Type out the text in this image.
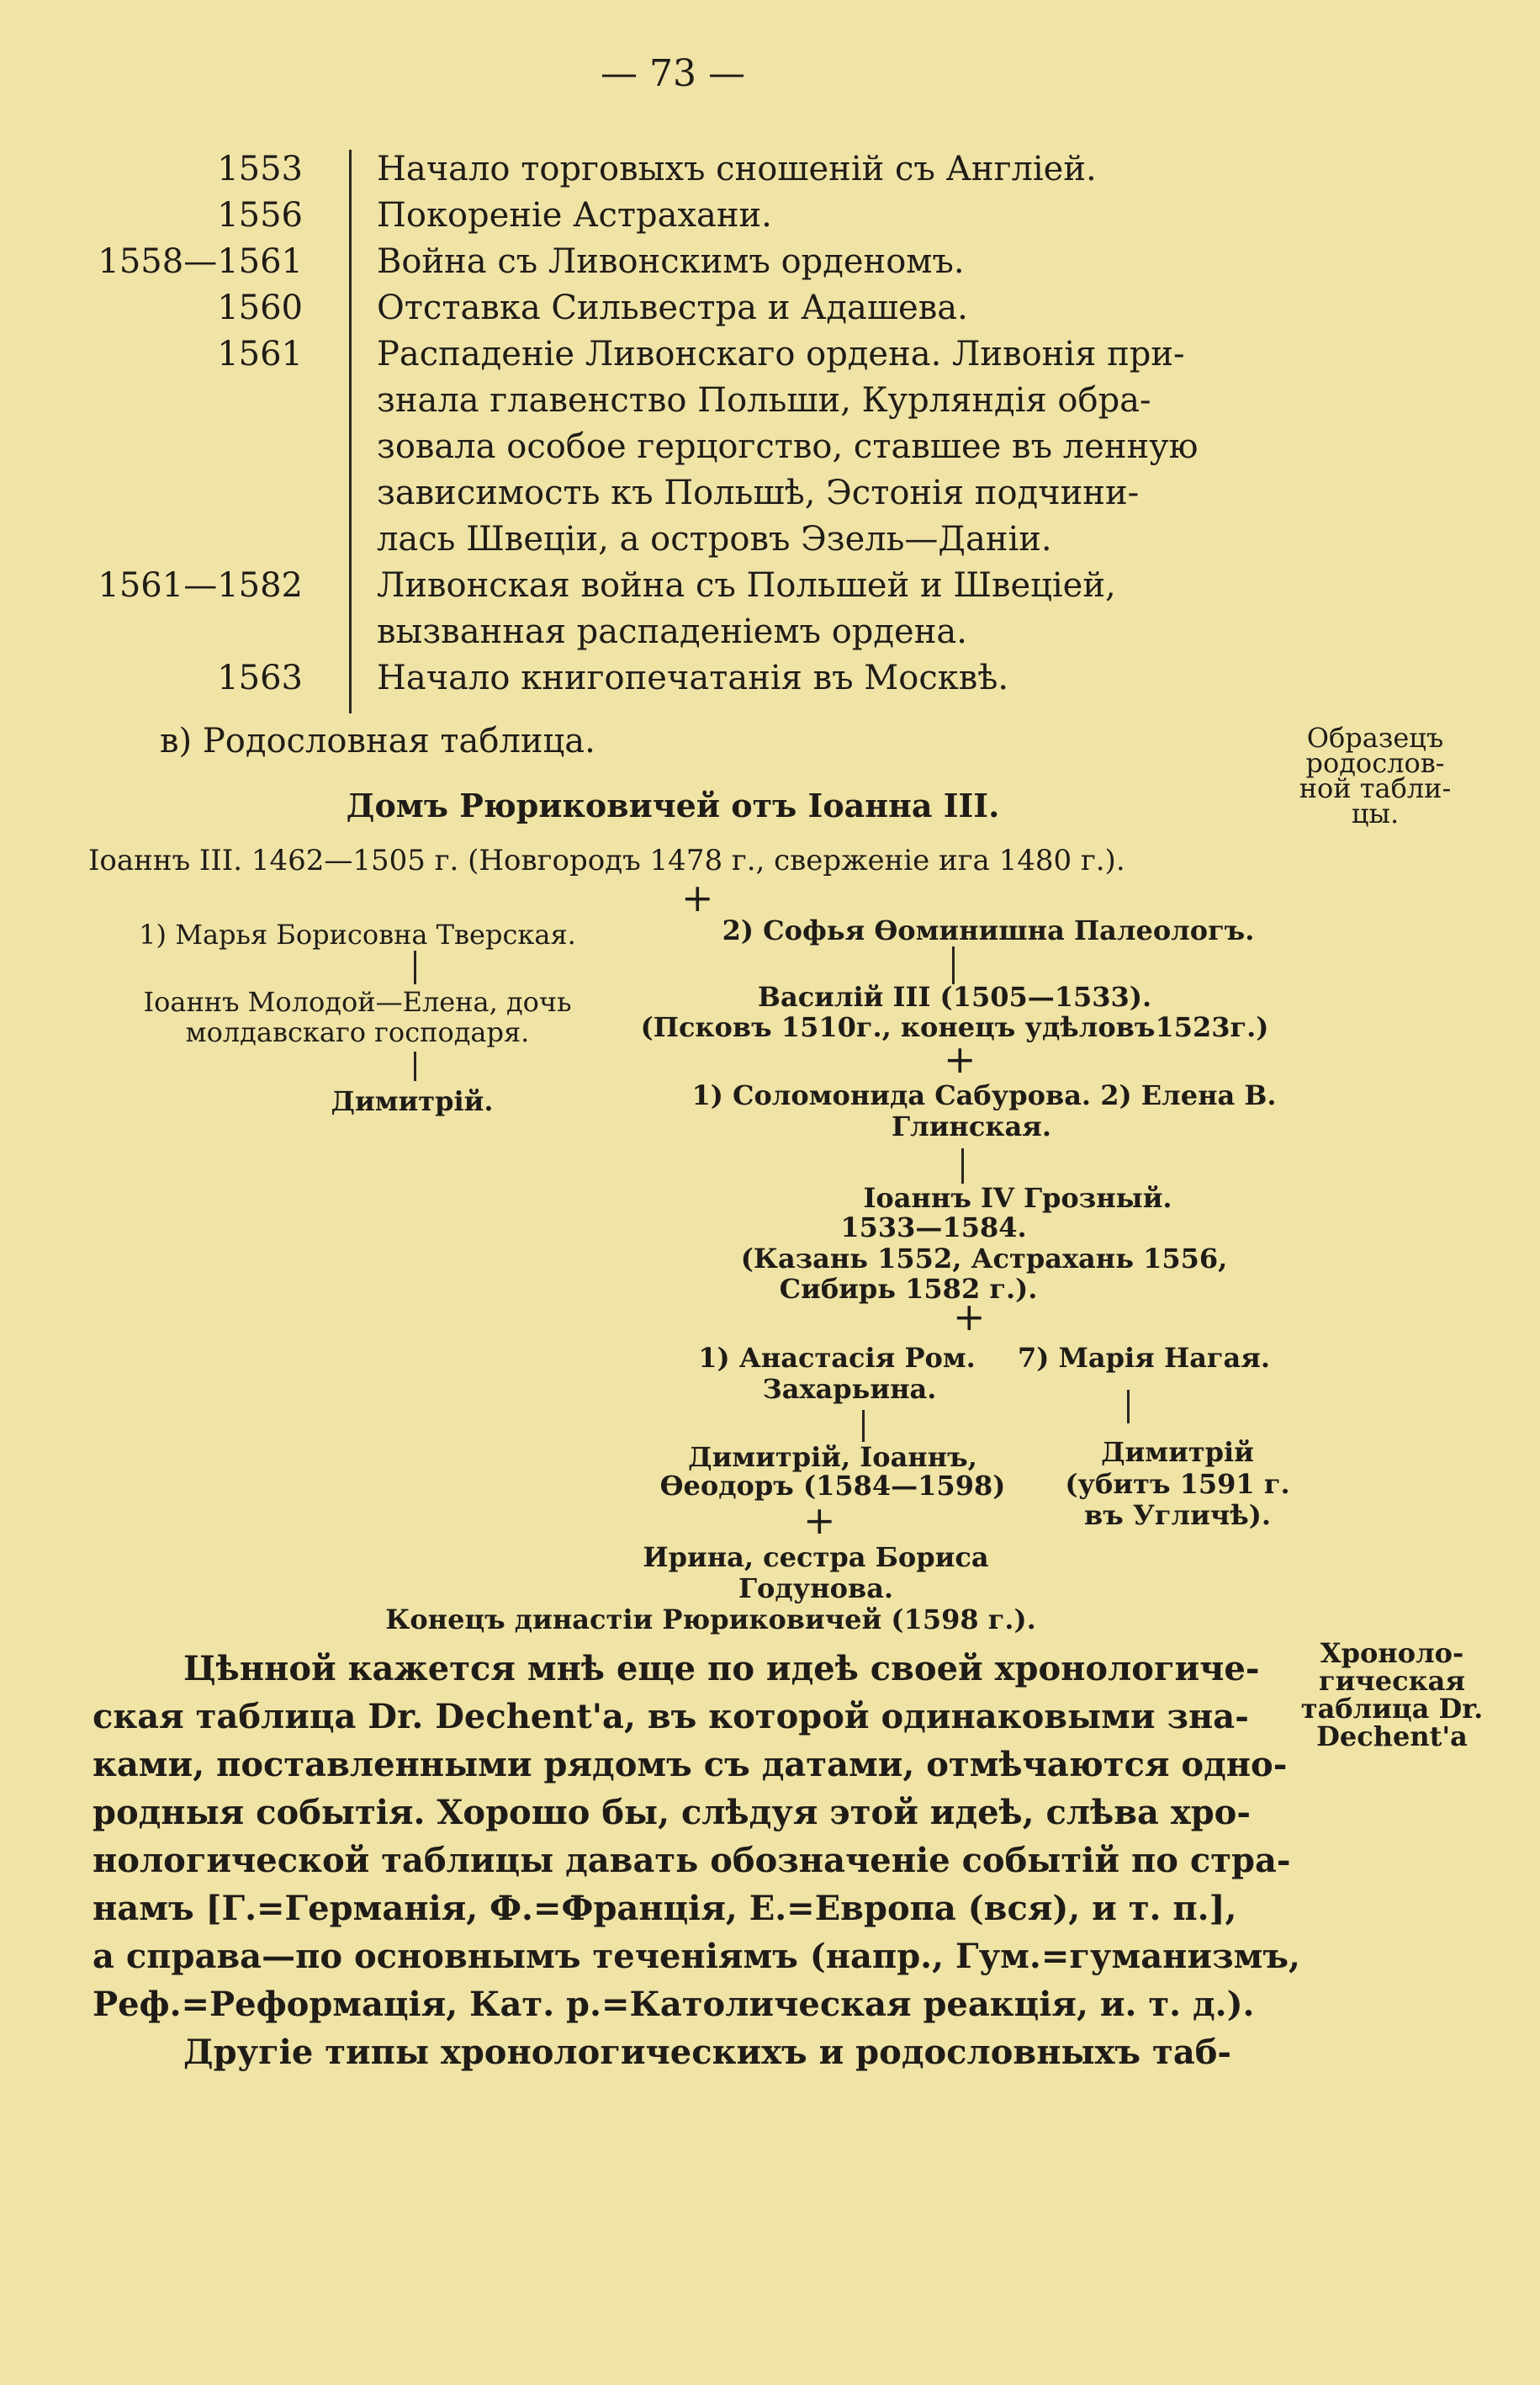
— 73 —
1553 Начало торговыхъ сношеній съ Англіей.
1556 Покореніе Астрахани.
1558—1561 Война съ Ливонскимъ орденомъ.
1560 Отставка Сильвестра и Адашева.
1561 Распаденіе Ливонскаго ордена. Ливонія при-
знала главенство Польши, Курляндія обра-
зовала особое герцогство, ставшее въ ленную
зависимость къ Польшѣ, Эстонія подчини-
лась Швеціи, а островъ Эзель—Даніи.
1561—1582 Ливонская война съ Польшей и Швеціей,
вызванная распаденіемъ ордена.
1563 Начало книгопечатанія въ Москвѣ.
в) Родословная таблица.	Образецъ
родослов-
ной табли-
цы.
Домъ Рюриковичей отъ Іоанна III.
Іоаннъ III. 1462—1505 г. (Новгородъ 1478 г., сверженіе ига 1480 г.).
+
1) Марья Борисовна Тверская.	2) Софья Ѳоминишна Палеологъ.
Іоаннъ Молодой—Елена, дочь
молдавскаго господаря.
Василій III (1505—1533).
(Псковъ 1510г., конецъ удѣловъ1523г.)
+
Димитрій.	1) Соломонида Сабурова. 2) Елена В.
Глинская.
Іоаннъ IV Грозный.
1533—1584.
(Казань 1552, Астрахань 1556,
Сибирь 1582 г.).
+
1) Анастасія Ром.
Захарьина.
7) Марія Нагая.
Димитрій, Іоаннъ,
Ѳеодоръ (1584—1598)
Димитрій
(убитъ 1591 г.
въ Угличѣ).
+
Ирина, сестра Бориса
Годунова.
Конецъ династіи Рюриковичей (1598 г.).
Хроноло-
гическая
таблица Dr.
Dechent'а
Цѣнной кажется мнѣ еще по идеѣ своей хронологиче-
ская таблица Dr. Dechent'а, въ которой одинаковыми зна-
ками, поставленными рядомъ съ датами, отмѣчаются одно-
родныя событія. Хорошо бы, слѣдуя этой идеѣ, слѣва хро-
нологической таблицы давать обозначеніе событій по стра-
намъ [Г.=Германія, Ф.=Франція, Е.=Европа (вся), и т. п.],
а справа—по основнымъ теченіямъ (напр., Гум.=гуманизмъ,
Реф.=Реформація, Кат. р.=Католическая реакція, и. т. д.).
Другіе типы хронологическихъ и родословныхъ таб-
